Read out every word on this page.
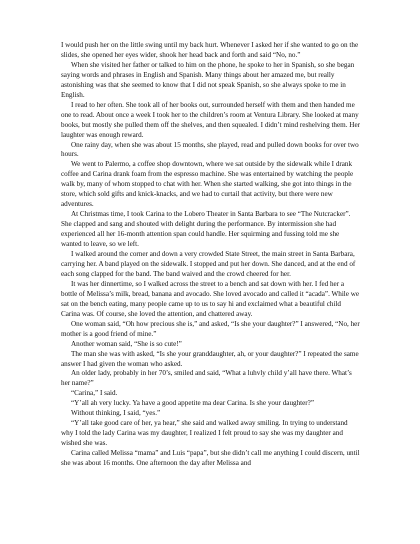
I would push her on the little swing until my back hurt. Whenever I asked her if she wanted to go on the slides, she opened her eyes wider, shook her head back and forth and said “No, no.”

When she visited her father or talked to him on the phone, he spoke to her in Spanish, so she began saying words and phrases in English and Spanish. Many things about her amazed me, but really astonishing was that she seemed to know that I did not speak Spanish, so she always spoke to me in English.

I read to her often. She took all of her books out, surrounded herself with them and then handed me one to read. About once a week I took her to the children’s room at Ventura Library. She looked at many books, but mostly she pulled them off the shelves, and then squealed. I didn’t mind reshelving them. Her laughter was enough reward.

One rainy day, when she was about 15 months, she played, read and pulled down books for over two hours.

We went to Palermo, a coffee shop downtown, where we sat outside by the sidewalk while I drank coffee and Carina drank foam from the espresso machine. She was entertained by watching the people walk by, many of whom stopped to chat with her. When she started walking, she got into things in the store, which sold gifts and knick-knacks, and we had to curtail that activity, but there were new adventures.

At Christmas time, I took Carina to the Lobero Theater in Santa Barbara to see “The Nutcracker”. She clapped and sang and shouted with delight during the performance. By intermission she had experienced all her 16-month attention span could handle. Her squirming and fussing told me she wanted to leave, so we left.

I walked around the corner and down a very crowded State Street, the main street in Santa Barbara, carrying her. A band played on the sidewalk. I stopped and put her down. She danced, and at the end of each song clapped for the band. The band waived and the crowd cheered for her.

It was her dinnertime, so I walked across the street to a bench and sat down with her. I fed her a bottle of Melissa’s milk, bread, banana and avocado. She loved avocado and called it “acada”. While we sat on the bench eating, many people came up to us to say hi and exclaimed what a beautiful child Carina was. Of course, she loved the attention, and chattered away.

One woman said, “Oh how precious she is,” and asked, “Is she your daughter?” I answered, “No, her mother is a good friend of mine.”

Another woman said, “She is so cute!”

The man she was with asked, “Is she your granddaughter, ah, or your daughter?” I repeated the same answer I had given the woman who asked.

An older lady, probably in her 70’s, smiled and said, “What a luhvly child y’all have there. What’s her name?”

“Carina,” I said.

“Y’all ah very lucky. Ya have a good appetite ma dear Carina. Is she your daughter?”

Without thinking, I said, “yes.”

“Y’all take good care of her, ya hear,” she said and walked away smiling. In trying to understand why I told the lady Carina was my daughter, I realized I felt proud to say she was my daughter and wished she was.

Carina called Melissa “mama” and Luis “papa”, but she didn’t call me anything I could discern, until she was about 16 months. One afternoon the day after Melissa and
